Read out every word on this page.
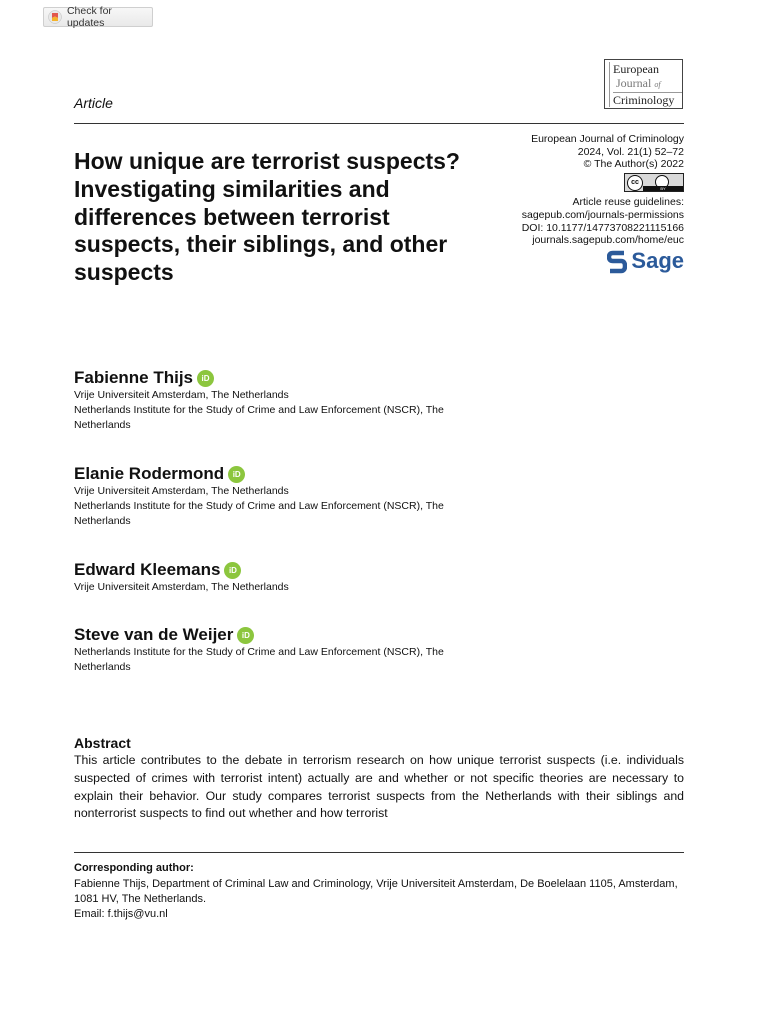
Check for updates
European
Journal of
Criminology
Article
How unique are terrorist suspects? Investigating similarities and differences between terrorist suspects, their siblings, and other suspects
European Journal of Criminology
2024, Vol. 21(1) 52–72
© The Author(s) 2022
cc
BY
Article reuse guidelines:
sagepub.com/journals-permissions
DOI: 10.1177/14773708221115166
journals.sagepub.com/home/euc
Sage
Fabienne Thijs	iD
Vrije Universiteit Amsterdam, The Netherlands
Netherlands Institute for the Study of Crime and Law Enforcement (NSCR), The Netherlands
Elanie Rodermond	iD
Vrije Universiteit Amsterdam, The Netherlands
Netherlands Institute for the Study of Crime and Law Enforcement (NSCR), The Netherlands
Edward Kleemans	iD
Vrije Universiteit Amsterdam, The Netherlands
Steve van de Weijer	iD
Netherlands Institute for the Study of Crime and Law Enforcement (NSCR), The Netherlands
Abstract
This article contributes to the debate in terrorism research on how unique terrorist suspects (i.e. individuals suspected of crimes with terrorist intent) actually are and whether or not specific theories are necessary to explain their behavior. Our study compares terrorist suspects from the Netherlands with their siblings and nonterrorist suspects to find out whether and how terrorist
Corresponding author:
Fabienne Thijs, Department of Criminal Law and Criminology, Vrije Universiteit Amsterdam, De Boelelaan 1105, Amsterdam, 1081 HV, The Netherlands.
Email: f.thijs@vu.nl
